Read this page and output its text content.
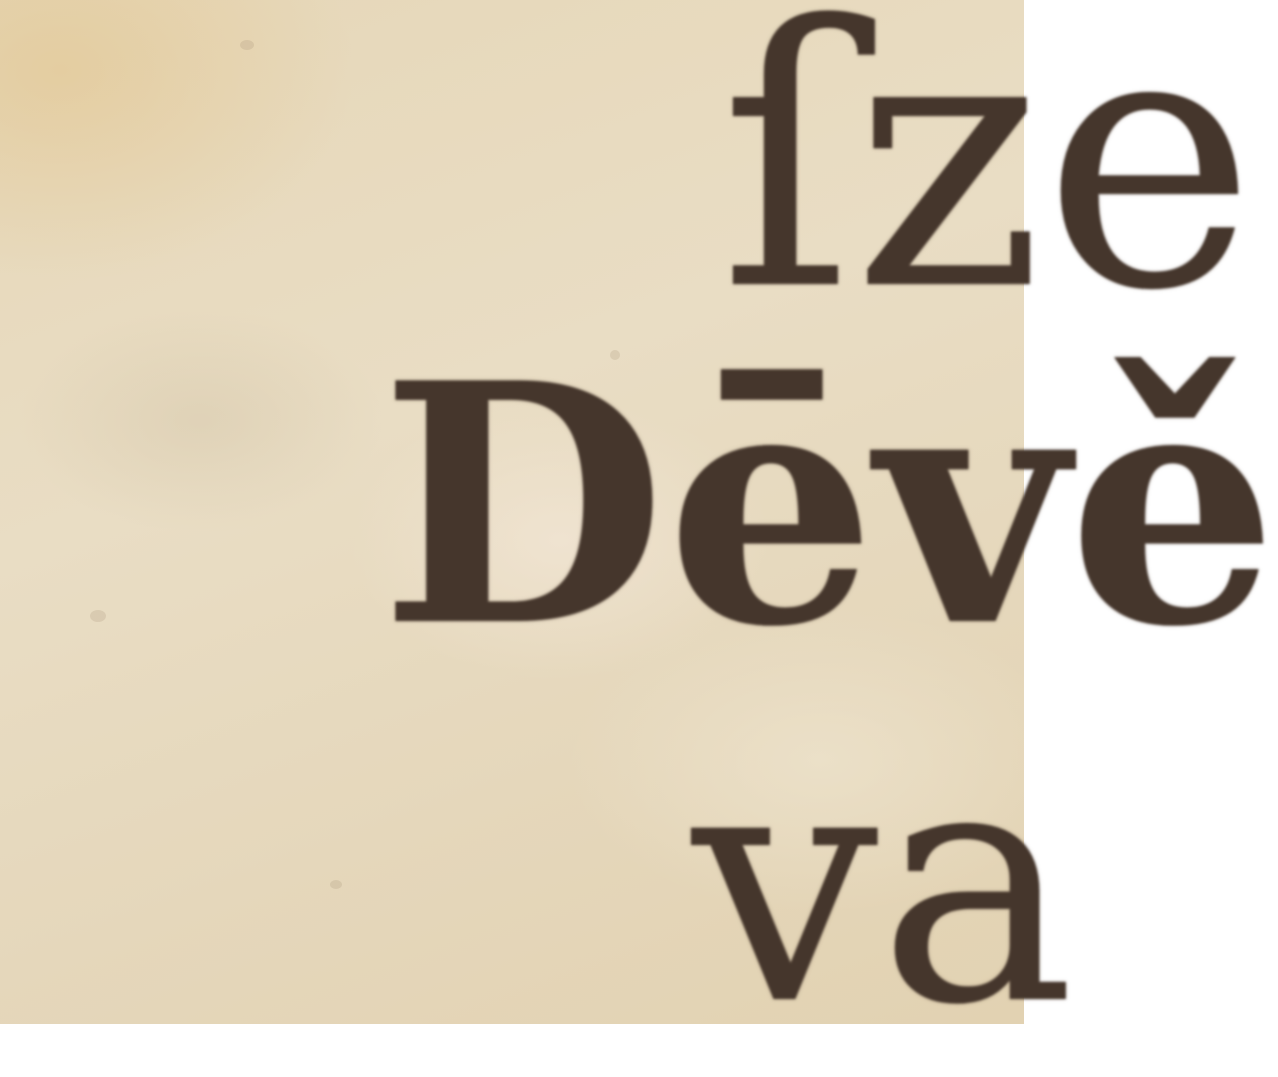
ſze

Dēvě

va
